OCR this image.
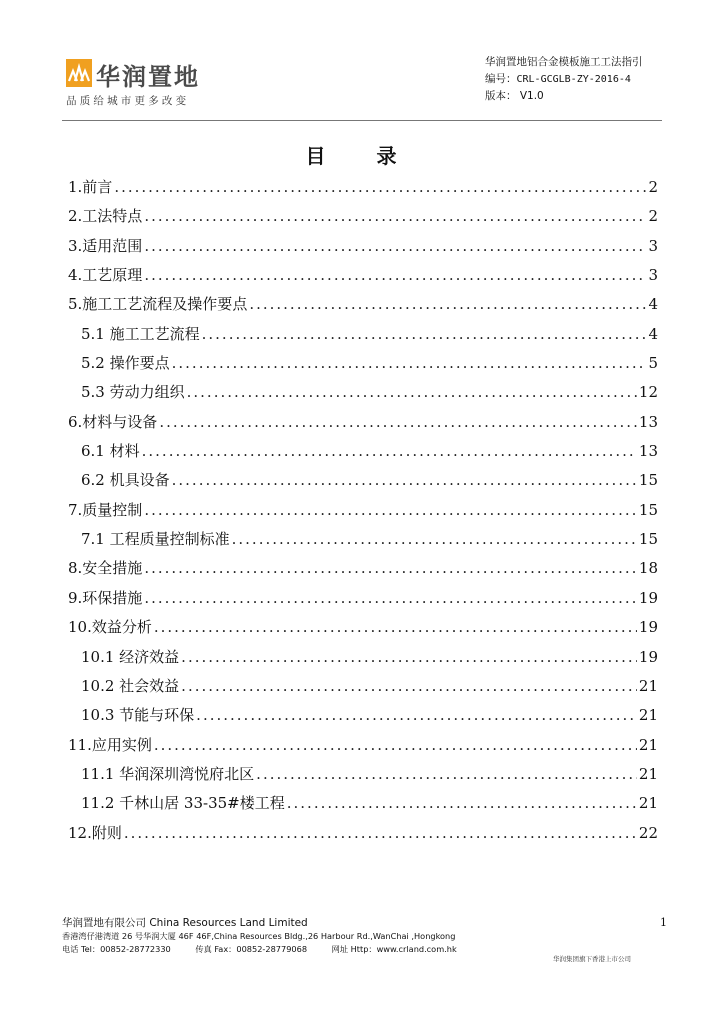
华润置地
品质给城市更多改变
华润置地铝合金模板施工工法指引
编号：CRL-GCGLB-ZY-2016-4
版本： V1.0
目 录
1.前言 .....	2
2.工法特点 .....	2
3.适用范围 .....	3
4.工艺原理 .....	3
5.施工工艺流程及操作要点 .....	4
5.1 施工工艺流程 .....	4
5.2 操作要点 .....	5
5.3 劳动力组织 .....	12
6.材料与设备 .....	13
6.1 材料 .....	13
6.2 机具设备 .....	15
7.质量控制 .....	15
7.1 工程质量控制标准 .....	15
8.安全措施 .....	18
9.环保措施 .....	19
10.效益分析 .....	19
10.1 经济效益 .....	19
10.2 社会效益 .....	21
10.3 节能与环保 .....	21
11.应用实例 .....	21
11.1 华润深圳湾悦府北区 .....	21
11.2 千林山居 33-35#楼工程 .....	21
12.附则 .....	22
华润置地有限公司 China Resources Land Limited
香港湾仔港湾道 26 号华润大厦 46F 46F,China Resources Bldg.,26 Harbour Rd.,WanChai ,Hongkong
电话 Tel：00852-28772330	传真 Fax：00852-28779068	网址 Http：www.crland.com.hk
1
华润集团旗下香港上市公司
